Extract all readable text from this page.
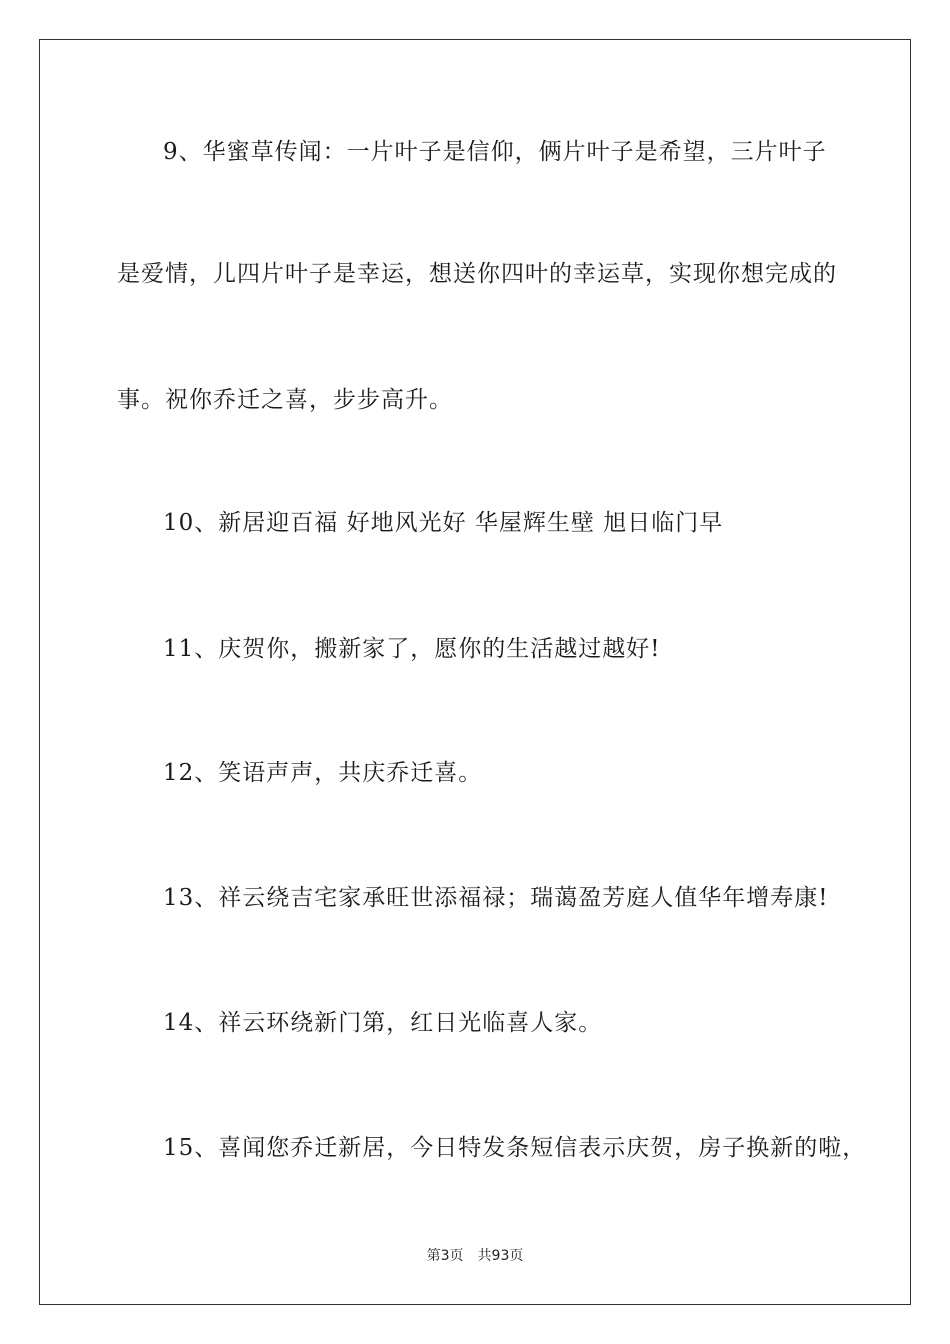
9、华蜜草传闻：一片叶子是信仰，俩片叶子是希望，三片叶子
是爱情，儿四片叶子是幸运，想送你四叶的幸运草，实现你想完成的
事。祝你乔迁之喜，步步高升。
10、新居迎百福 好地风光好 华屋辉生壁 旭日临门早
11、庆贺你，搬新家了，愿你的生活越过越好!
12、笑语声声，共庆乔迁喜。
13、祥云绕吉宅家承旺世添福禄；瑞蔼盈芳庭人值华年增寿康!
14、祥云环绕新门第，红日光临喜人家。
15、喜闻您乔迁新居，今日特发条短信表示庆贺，房子换新的啦，
第3页 共93页
